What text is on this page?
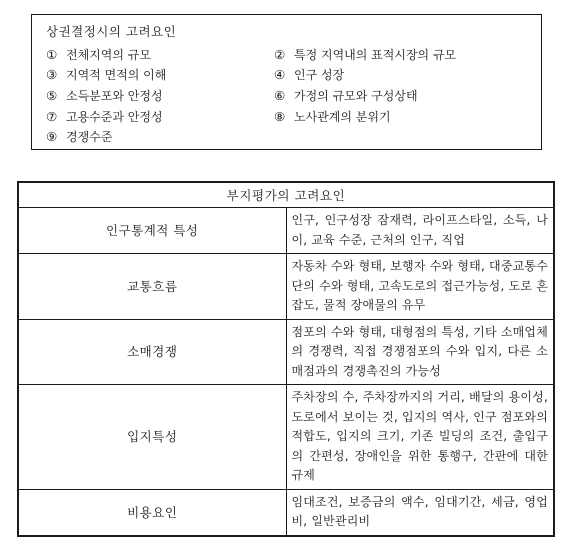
상권결정시의 고려요인
① 전체지역의 규모	② 특정 지역내의 표적시장의 규모
③ 지역적 면적의 이해	④ 인구 성장
⑤ 소득분포와 안정성	⑥ 가정의 규모와 구성상태
⑦ 고용수준과 안정성	⑧ 노사관계의 분위기
⑨ 경쟁수준
부지평가의 고려요인	
인구통계적 특성	인구, 인구성장 잠재력, 라이프스타일, 소득, 나이, 교육 수준, 근처의 인구, 직업
교통흐름	자동차 수와 형태, 보행자 수와 형태, 대중교통수단의 수와 형태, 고속도로의 접근가능성, 도로 혼잡도, 물적 장애물의 유무
소매경쟁	점포의 수와 형태, 대형점의 특성, 기타 소매업체의 경쟁력, 직접 경쟁점포의 수와 입지, 다른 소매점과의 경쟁촉진의 가능성
입지특성	주차장의 수, 주차장까지의 거리, 배달의 용이성, 도로에서 보이는 것, 입지의 역사, 인구 점포와의 적합도, 입지의 크기, 기존 빌딩의 조건, 출입구의 간편성, 장애인을 위한 통행구, 간판에 대한 규제
비용요인	임대조건, 보증금의 액수, 임대기간, 세금, 영업비, 일반관리비
